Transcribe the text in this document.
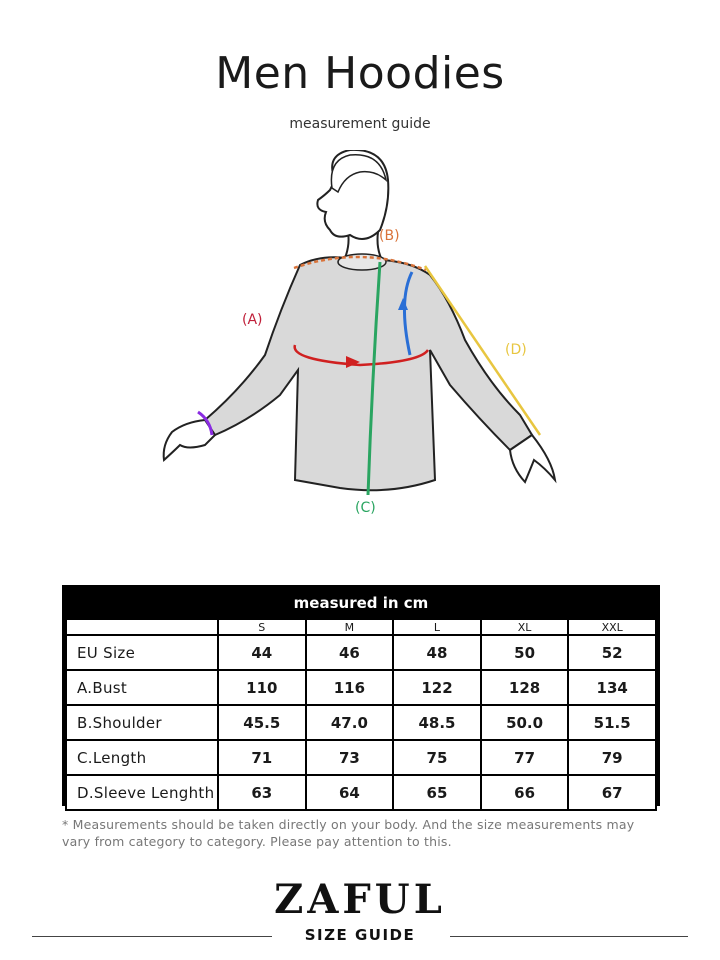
Men Hoodies
measurement guide
(A)
(B)
(C)
(D)
measured in cm
	S	M	L	XL	XXL
EU Size	44	46	48	50	52
A.Bust	110	116	122	128	134
B.Shoulder	45.5	47.0	48.5	50.0	51.5
C.Length	71	73	75	77	79
D.Sleeve Lenghth	63	64	65	66	67
* Measurements should be taken directly on your body. And the size measurements may vary from category to category. Please pay attention to this.
ZAFUL
SIZE GUIDE
